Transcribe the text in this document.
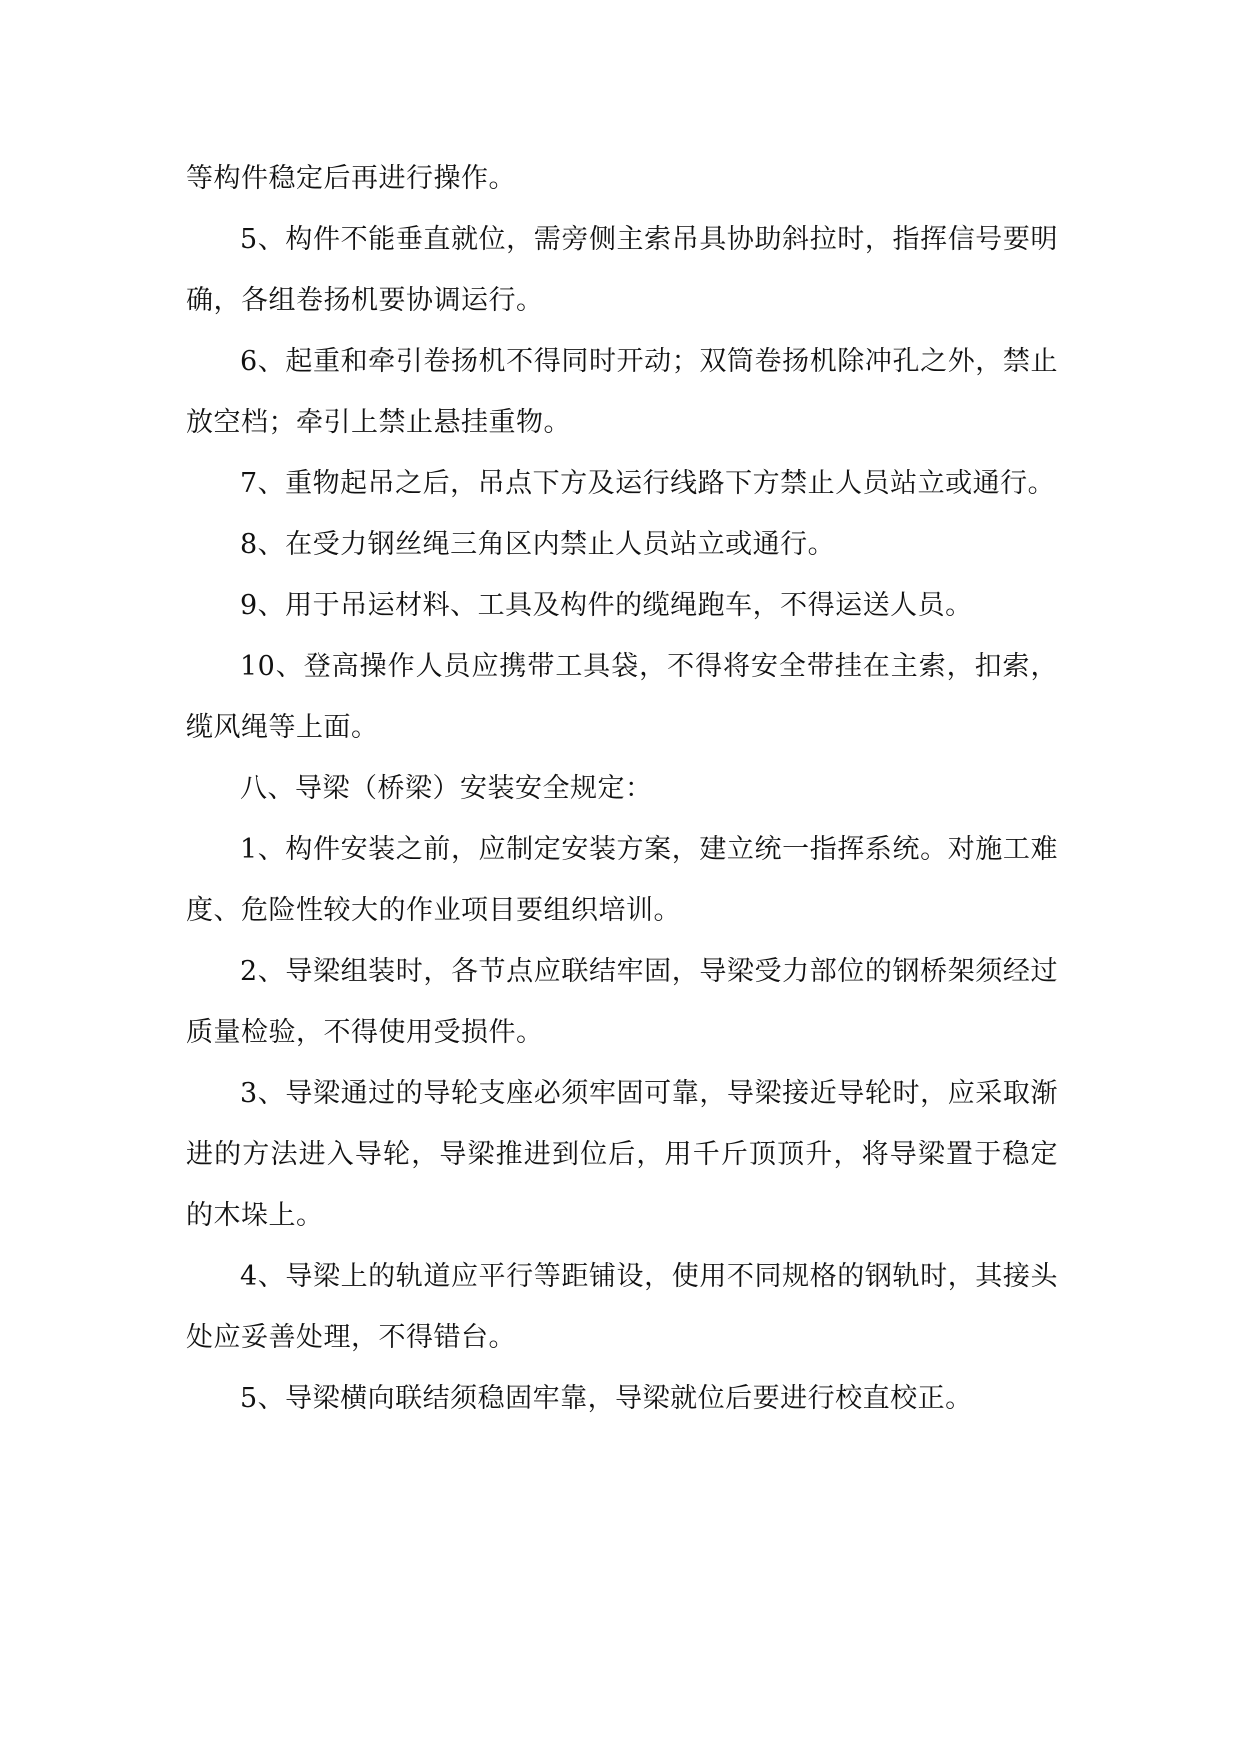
等构件稳定后再进行操作。

5、构件不能垂直就位，需旁侧主索吊具协助斜拉时，指挥信号要明确，各组卷扬机要协调运行。

6、起重和牵引卷扬机不得同时开动；双筒卷扬机除冲孔之外，禁止放空档；牵引上禁止悬挂重物。

7、重物起吊之后，吊点下方及运行线路下方禁止人员站立或通行。

8、在受力钢丝绳三角区内禁止人员站立或通行。

9、用于吊运材料、工具及构件的缆绳跑车，不得运送人员。

10、登高操作人员应携带工具袋，不得将安全带挂在主索，扣索，缆风绳等上面。

八、导梁（桥梁）安装安全规定：

1、构件安装之前，应制定安装方案，建立统一指挥系统。对施工难度、危险性较大的作业项目要组织培训。

2、导梁组装时，各节点应联结牢固，导梁受力部位的钢桥架须经过质量检验，不得使用受损件。

3、导梁通过的导轮支座必须牢固可靠，导梁接近导轮时，应采取渐进的方法进入导轮，导梁推进到位后，用千斤顶顶升，将导梁置于稳定的木垛上。

4、导梁上的轨道应平行等距铺设，使用不同规格的钢轨时，其接头处应妥善处理，不得错台。

5、导梁横向联结须稳固牢靠，导梁就位后要进行校直校正。
